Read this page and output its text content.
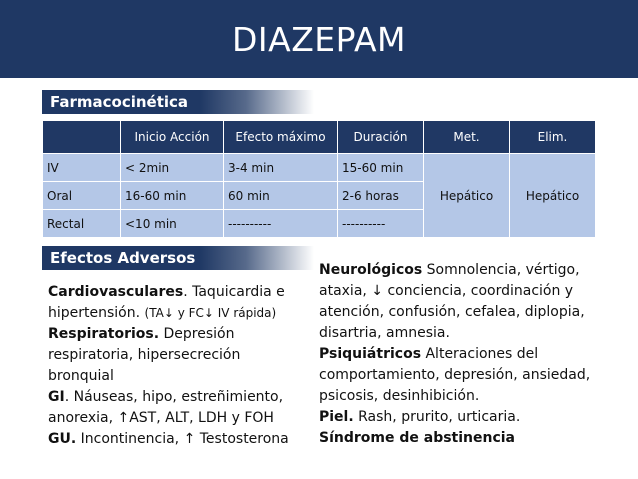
DIAZEPAM
Farmacocinética
	Inicio Acción	Efecto máximo	Duración	Met.	Elim.
IV	< 2min	3-4 min	15-60 min	Hepático	Hepático
Oral	16-60 min	60 min	2-6 horas		
Rectal	<10 min	----------	----------		
Efectos Adversos
Cardiovasculares. Taquicardia e hipertensión. (TA↓ y FC↓ IV rápida)
Respiratorios. Depresión respiratoria, hipersecreción bronquial
GI. Náuseas, hipo, estreñimiento, anorexia, ↑AST, ALT, LDH y FOH
GU. Incontinencia, ↑ Testosterona
Neurológicos Somnolencia, vértigo, ataxia, ↓ conciencia, coordinación y atención, confusión, cefalea, diplopia, disartria, amnesia.
Psiquiátricos Alteraciones del comportamiento, depresión, ansiedad, psicosis, desinhibición.
Piel. Rash, prurito, urticaria.
Síndrome de abstinencia
